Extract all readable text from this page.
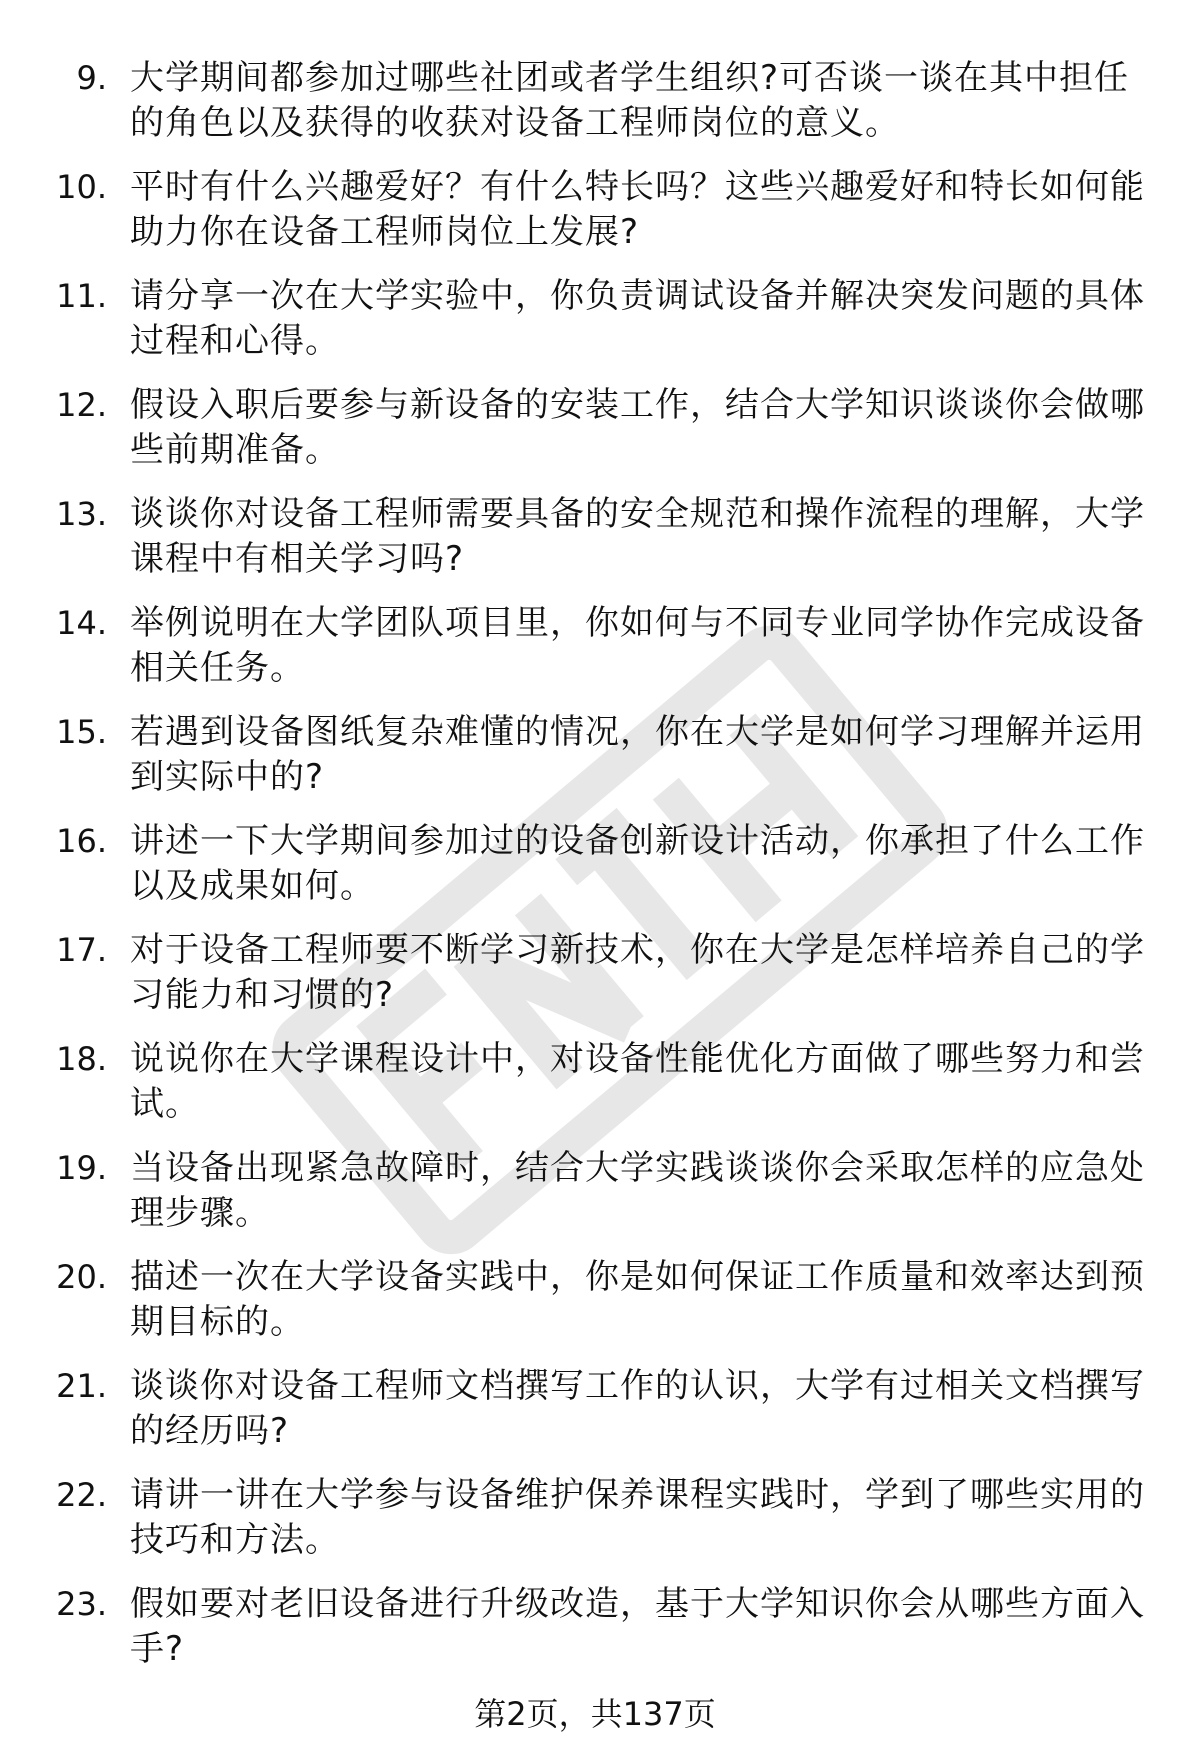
9. 大学期间都参加过哪些社团或者学生组织?可否谈一谈在其中担任的角色以及获得的收获对设备工程师岗位的意义。
10. 平时有什么兴趣爱好？有什么特长吗？这些兴趣爱好和特长如何能助力你在设备工程师岗位上发展?
11. 请分享一次在大学实验中，你负责调试设备并解决突发问题的具体过程和心得。
12. 假设入职后要参与新设备的安装工作，结合大学知识谈谈你会做哪些前期准备。
13. 谈谈你对设备工程师需要具备的安全规范和操作流程的理解，大学课程中有相关学习吗?
14. 举例说明在大学团队项目里，你如何与不同专业同学协作完成设备相关任务。
15. 若遇到设备图纸复杂难懂的情况，你在大学是如何学习理解并运用到实际中的?
16. 讲述一下大学期间参加过的设备创新设计活动，你承担了什么工作以及成果如何。
17. 对于设备工程师要不断学习新技术，你在大学是怎样培养自己的学习能力和习惯的?
18. 说说你在大学课程设计中，对设备性能优化方面做了哪些努力和尝试。
19. 当设备出现紧急故障时，结合大学实践谈谈你会采取怎样的应急处理步骤。
20. 描述一次在大学设备实践中，你是如何保证工作质量和效率达到预期目标的。
21. 谈谈你对设备工程师文档撰写工作的认识，大学有过相关文档撰写的经历吗?
22. 请讲一讲在大学参与设备维护保养课程实践时，学到了哪些实用的技巧和方法。
23. 假如要对老旧设备进行升级改造，基于大学知识你会从哪些方面入手?
第2页，共137页
